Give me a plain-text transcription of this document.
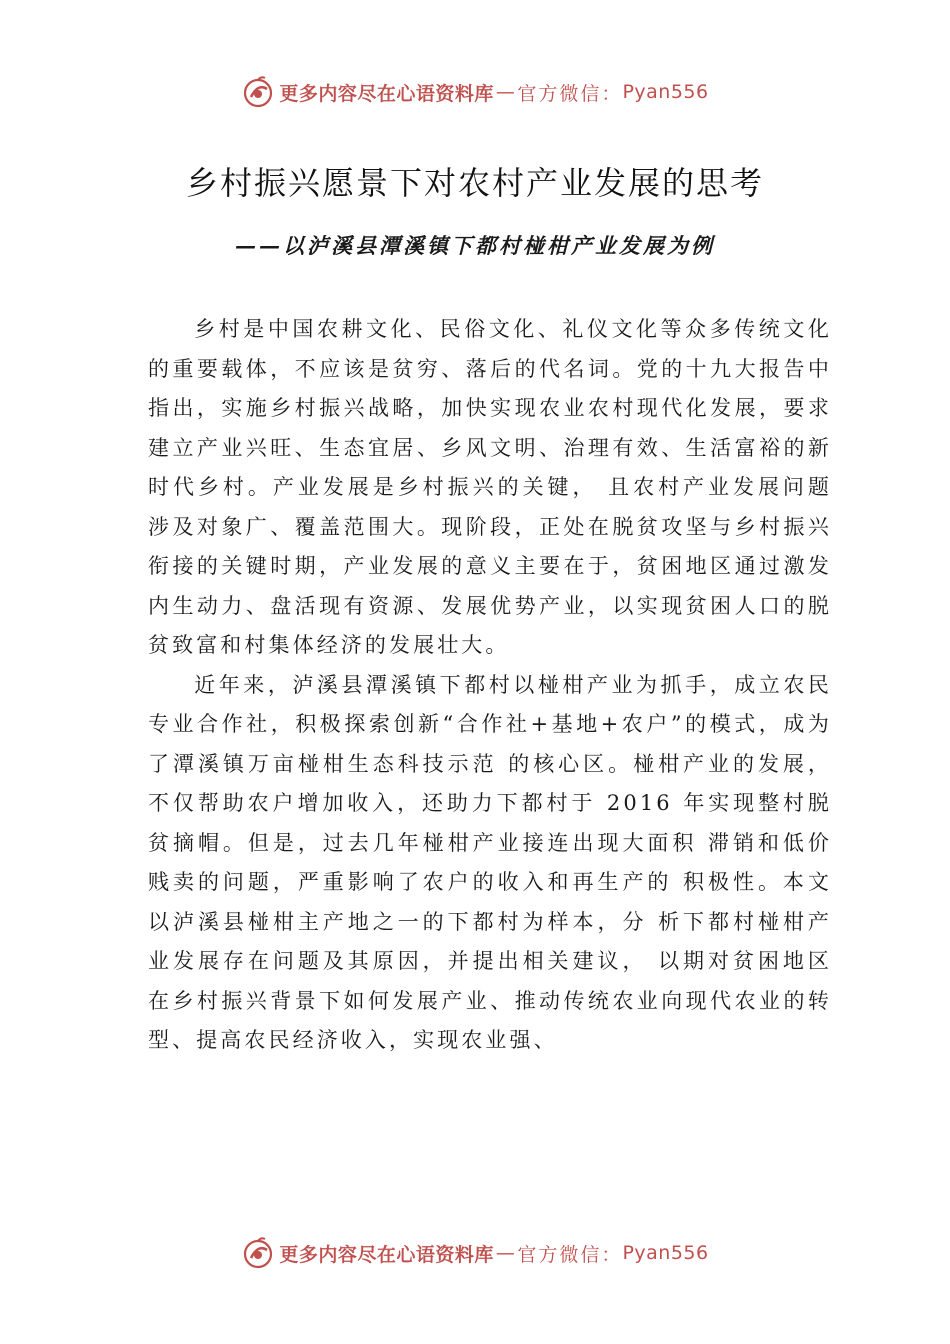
更多内容尽在心语资料库 — 官方微信： Pyan556
乡村振兴愿景下对农村产业发展的思考
——以泸溪县潭溪镇下都村椪柑产业发展为例

乡村是中国农耕文化、民俗文化、礼仪文化等众多传统文化的重要载体，不应该是贫穷、落后的代名词。党的十九大报告中指出，实施乡村振兴战略，加快实现农业农村现代化发展，要求建立产业兴旺、生态宜居、乡风文明、治理有效、生活富裕的新时代乡村。产业发展是乡村振兴的关键， 且农村产业发展问题涉及对象广、覆盖范围大。现阶段，正处在脱贫攻坚与乡村振兴衔接的关键时期，产业发展的意义主要在于，贫困地区通过激发内生动力、盘活现有资源、发展优势产业，以实现贫困人口的脱贫致富和村集体经济的发展壮大。

近年来，泸溪县潭溪镇下都村以椪柑产业为抓手，成立农民专业合作社，积极探索创新“合作社+基地+农户”的模式，成为了潭溪镇万亩椪柑生态科技示范 的核心区。椪柑产业的发展，不仅帮助农户增加收入，还助力下都村于 2016 年实现整村脱贫摘帽。但是，过去几年椪柑产业接连出现大面积 滞销和低价贱卖的问题，严重影响了农户的收入和再生产的 积极性。本文以泸溪县椪柑主产地之一的下都村为样本，分 析下都村椪柑产业发展存在问题及其原因，并提出相关建议， 以期对贫困地区在乡村振兴背景下如何发展产业、推动传统农业向现代农业的转型、提高农民经济收入，实现农业强、

更多内容尽在心语资料库 — 官方微信： Pyan556
